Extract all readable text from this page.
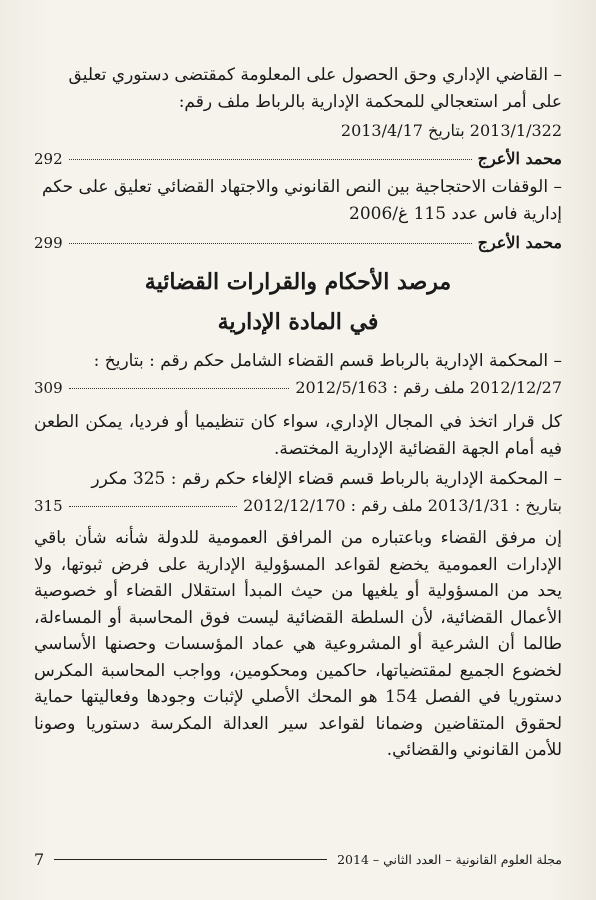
– القاضي الإداري وحق الحصول على المعلومة كمقتضى دستوري تعليق على أمر استعجالي للمحكمة الإدارية بالرباط ملف رقم:

2013/1/322 بتاريخ 2013/4/17
محمد الأعرج
292

– الوقفات الاحتجاجية بين النص القانوني والاجتهاد القضائي تعليق على حكم إدارية فاس عدد 115 غ/2006

محمد الأعرج
299
مرصد الأحكام والقرارات القضائية
في المادة الإدارية

– المحكمة الإدارية بالرباط قسم القضاء الشامل حكم رقم : بتاريخ :

2012/12/27 ملف رقم : 2012/5/163
309

كل قرار اتخذ في المجال الإداري، سواء كان تنظيميا أو فرديا، يمكن الطعن فيه أمام الجهة القضائية الإدارية المختصة.

– المحكمة الإدارية بالرباط قسم قضاء الإلغاء حكم رقم : 325 مكرر

بتاريخ : 2013/1/31 ملف رقم : 2012/12/170
315

إن مرفق القضاء وباعتباره من المرافق العمومية للدولة شأنه شأن باقي الإدارات العمومية يخضع لقواعد المسؤولية الإدارية على فرض ثبوتها، ولا يحد من المسؤولية أو يلغيها من حيث المبدأ استقلال القضاء أو خصوصية الأعمال القضائية، لأن السلطة القضائية ليست فوق المحاسبة أو المساءلة، طالما أن الشرعية أو المشروعية هي عماد المؤسسات وحصنها الأساسي لخضوع الجميع لمقتضياتها، حاكمين ومحكومين، وواجب المحاسبة المكرس دستوريا في الفصل 154 هو المحك الأصلي لإثبات وجودها وفعاليتها حماية لحقوق المتقاضين وضمانا لقواعد سير العدالة المكرسة دستوريا وصونا للأمن القانوني والقضائي.

مجلة العلوم القانونية – العدد الثاني – 2014
7
